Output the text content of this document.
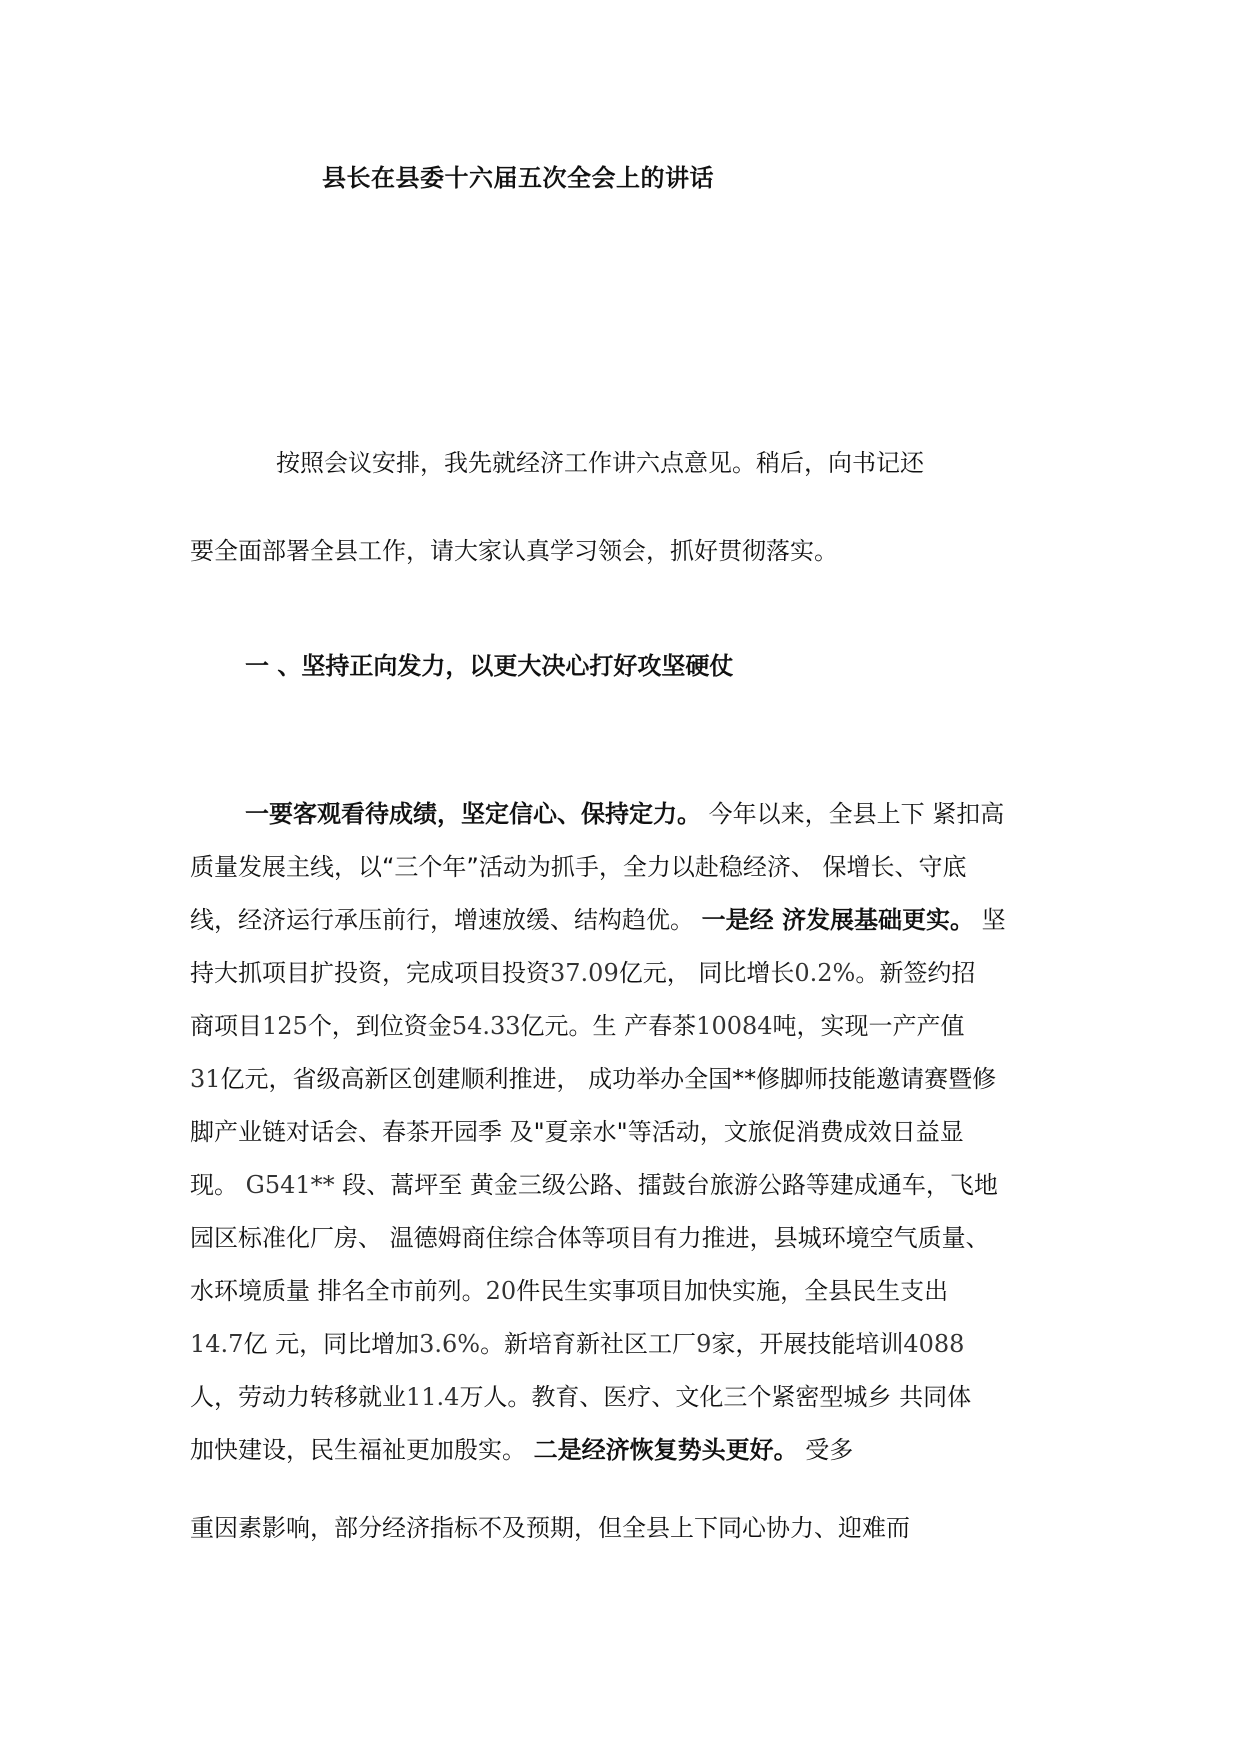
县长在县委十六届五次全会上的讲话
按照会议安排，我先就经济工作讲六点意见。稍后，向书记还
要全面部署全县工作，请大家认真学习领会，抓好贯彻落实。
一 、坚持正向发力，以更大决心打好攻坚硬仗
一要客观看待成绩，坚定信心、保持定力。 今年以来，全县上下 紧扣高
质量发展主线，以“三个年”活动为抓手，全力以赴稳经济、 保增长、守底
线，经济运行承压前行，增速放缓、结构趋优。 一是经 济发展基础更实。 坚
持大抓项目扩投资，完成项目投资37.09亿元， 同比增长0.2%。新签约招
商项目125个，到位资金54.33亿元。生 产春茶10084吨，实现一产产值
31亿元，省级高新区创建顺利推进， 成功举办全国**修脚师技能邀请赛暨修
脚产业链对话会、春茶开园季 及"夏亲水"等活动，文旅促消费成效日益显
现。 G541** 段、蒿坪至 黄金三级公路、擂鼓台旅游公路等建成通车，飞地
园区标准化厂房、 温德姆商住综合体等项目有力推进，县城环境空气质量、
水环境质量 排名全市前列。20件民生实事项目加快实施，全县民生支出
14.7亿 元，同比增加3.6%。新培育新社区工厂9家，开展技能培训4088
人，劳动力转移就业11.4万人。教育、医疗、文化三个紧密型城乡 共同体
加快建设，民生福祉更加殷实。 二是经济恢复势头更好。 受多
重因素影响，部分经济指标不及预期，但全县上下同心协力、迎难而
